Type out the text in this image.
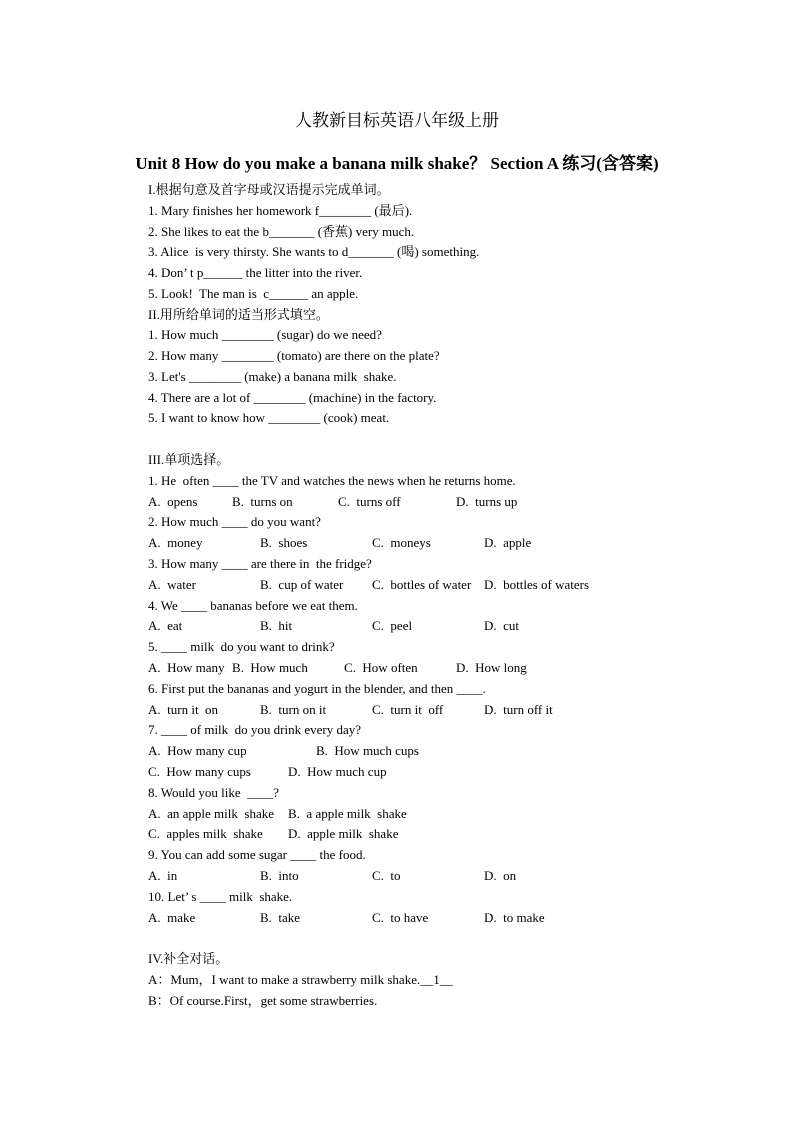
人教新目标英语八年级上册
Unit 8 How do you make a banana milk shake？ Section A 练习(含答案)
I.根据句意及首字母或汉语提示完成单词。
1. Mary finishes her homework f________ (最后).
2. She likes to eat the b_______ (香蕉) very much.
3. Alice  is very thirsty. She wants to d_______ (喝) something.
4. Don’ t p______ the litter into the river.
5. Look!  The man is  c______ an apple.
II.用所给单词的适当形式填空。
1. How much ________ (sugar) do we need?
2. How many ________ (tomato) are there on the plate?
3. Let's ________ (make) a banana milk  shake.
4. There are a lot of ________ (machine) in the factory.
5. I want to know how ________ (cook) meat.
III.单项选择。
1. He  often ____ the TV and watches the news when he returns home.
A.  opens	B.  turns on	C.  turns off	D.  turns up
2. How much ____ do you want?
A.  money	B.  shoes	C.  moneys	D.  apple
3. How many ____ are there in  the fridge?
A.  water	B.  cup of water C.  bottles of water D.  bottles of waters
4. We ____ bananas before we eat them.
A.  eat	B.  hit	C.  peel	D.  cut
5. ____ milk  do you want to drink?
A.  How many B.  How much	C.  How often	D.  How long
6. First put the bananas and yogurt in the blender, and then ____.
A.  turn it  on	B.  turn on it	C.  turn it  off	D.  turn off it
7. ____ of milk  do you drink every day?
A.  How many cup	B.  How much cups
C.  How many cups	D.  How much cup
8. Would you like  ____?
A.  an apple milk  shake B.  a apple milk  shake
C.  apples milk  shake D.  apple milk  shake
9. You can add some sugar ____ the food.
A.  in	B.  into	C.  to	D.  on
10. Let’ s ____ milk  shake.
A.  make	B.  take	C.  to have	D.  to make
IV.补全对话。
A：Mum，I want to make a strawberry milk shake.__1__
B：Of course.First，get some strawberries.
